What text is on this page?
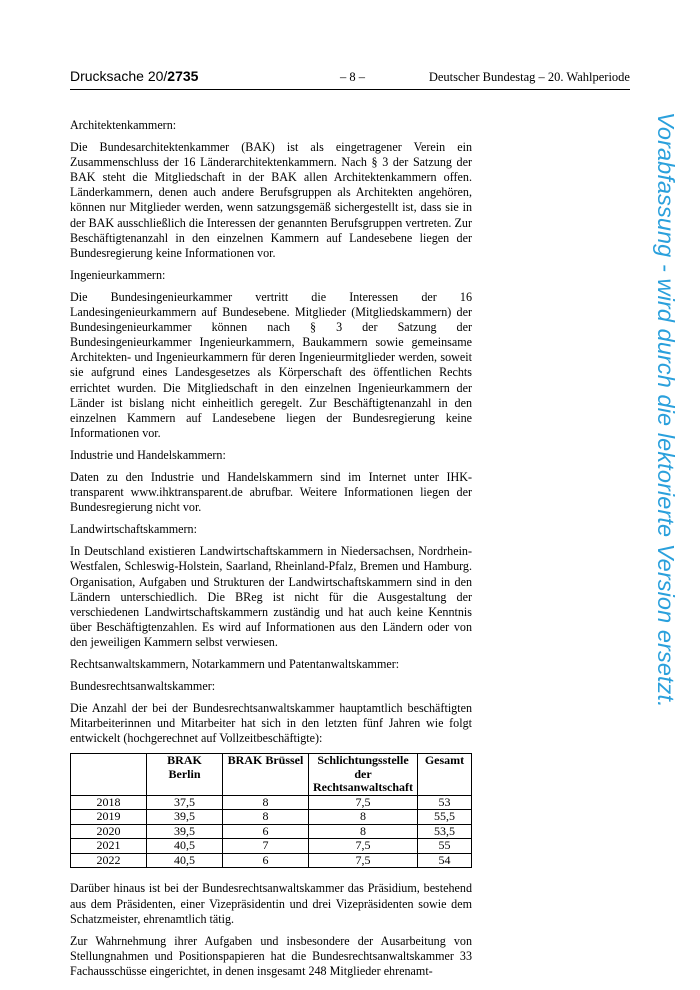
Drucksache 20/2735	– 8 –	Deutscher Bundestag – 20. Wahlperiode

Architektenkammern:

Die Bundesarchitektenkammer (BAK) ist als eingetragener Verein ein Zusammenschluss der 16 Länderarchitektenkammern. Nach § 3 der Satzung der BAK steht die Mitgliedschaft in der BAK allen Architektenkammern offen. Länderkammern, denen auch andere Berufsgruppen als Architekten angehören, können nur Mitglieder werden, wenn satzungsgemäß sichergestellt ist, dass sie in der BAK ausschließlich die Interessen der genannten Berufsgruppen vertreten. Zur Beschäftigtenanzahl in den einzelnen Kammern auf Landesebene liegen der Bundesregierung keine Informationen vor.

Ingenieurkammern:

Die Bundesingenieurkammer vertritt die Interessen der 16 Landesingenieurkammern auf Bundesebene. Mitglieder (Mitgliedskammern) der Bundesingenieurkammer können nach § 3 der Satzung der Bundesingenieurkammer Ingenieurkammern, Baukammern sowie gemeinsame Architekten- und Ingenieurkammern für deren Ingenieurmitglieder werden, soweit sie aufgrund eines Landesgesetzes als Körperschaft des öffentlichen Rechts errichtet wurden. Die Mitgliedschaft in den einzelnen Ingenieurkammern der Länder ist bislang nicht einheitlich geregelt. Zur Beschäftigtenanzahl in den einzelnen Kammern auf Landesebene liegen der Bundesregierung keine Informationen vor.

Industrie und Handelskammern:

Daten zu den Industrie und Handelskammern sind im Internet unter IHK-transparent www.ihktransparent.de abrufbar. Weitere Informationen liegen der Bundesregierung nicht vor.

Landwirtschaftskammern:

In Deutschland existieren Landwirtschaftskammern in Niedersachsen, Nordrhein-Westfalen, Schleswig-Holstein, Saarland, Rheinland-Pfalz, Bremen und Hamburg. Organisation, Aufgaben und Strukturen der Landwirtschaftskammern sind in den Ländern unterschiedlich. Die BReg ist nicht für die Ausgestaltung der verschiedenen Landwirtschaftskammern zuständig und hat auch keine Kenntnis über Beschäftigtenzahlen. Es wird auf Informationen aus den Ländern oder von den jeweiligen Kammern selbst verwiesen.

Rechtsanwaltskammern, Notarkammern und Patentanwaltskammer:

Bundesrechtsanwaltskammer:

Die Anzahl der bei der Bundesrechtsanwaltskammer hauptamtlich beschäftigten Mitarbeiterinnen und Mitarbeiter hat sich in den letzten fünf Jahren wie folgt entwickelt (hochgerechnet auf Vollzeitbeschäftigte):

	BRAK Berlin	BRAK Brüssel	Schlichtungsstelle
der Rechtsanwaltschaft	Gesamt
2018	37,5	8	7,5	53
2019	39,5	8	8	55,5
2020	39,5	6	8	53,5
2021	40,5	7	7,5	55
2022	40,5	6	7,5	54

Darüber hinaus ist bei der Bundesrechtsanwaltskammer das Präsidium, bestehend aus dem Präsidenten, einer Vizepräsidentin und drei Vizepräsidenten sowie dem Schatzmeister, ehrenamtlich tätig.

Zur Wahrnehmung ihrer Aufgaben und insbesondere der Ausarbeitung von Stellungnahmen und Positionspapieren hat die Bundesrechtsanwaltskammer 33 Fachausschüsse eingerichtet, in denen insgesamt 248 Mitglieder ehrenamt-

Vorabfassung - wird durch die lektorierte Version ersetzt.
